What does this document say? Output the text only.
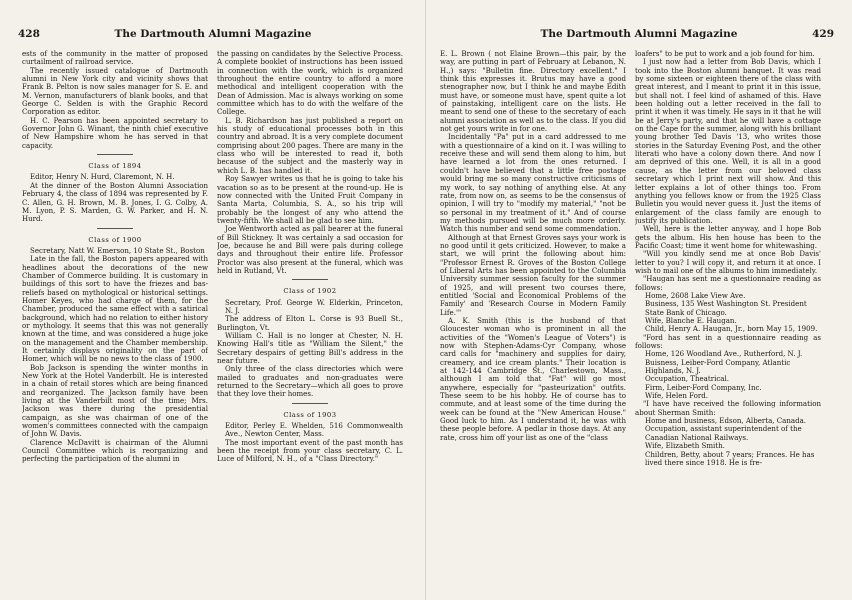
428	The Dartmouth Alumni Magazine

ests of the community in the matter of proposed curtailment of railroad service.

The recently issued catalogue of Dartmouth alumni in New York city and vicinity shows that Frank B. Pelton is now sales manager for S. E. and M. Vernon, manufacturers of blank books, and that George C. Selden is with the Graphic Record Corporation as editor.

H. C. Pearson has been appointed secretary to Governor John G. Winant, the ninth chief executive of New Hampshire whom he has served in that capacity.

Class of 1894

Editor, Henry N. Hurd, Claremont, N. H.

At the dinner of the Boston Alumni Association February 4, the class of 1894 was represented by F. C. Allen, G. H. Brown, M. B. Jones, I. G. Colby, A. M. Lyon, P. S. Marden, G. W. Parker, and H. N. Hurd.

Class of 1900

Secretary, Natt W. Emerson, 10 State St., Boston

Late in the fall, the Boston papers appeared with headlines about the decorations of the new Chamber of Commerce building. It is customary in buildings of this sort to have the friezes and bas-reliefs based on mythological or historical settings. Homer Keyes, who had charge of them, for the Chamber, produced the same effect with a satirical background, which had no relation to either history or mythology. It seems that this was not generally known at the time, and was considered a huge joke on the management and the Chamber membership. It certainly displays originality on the part of Homer, which will be no news to the class of 1900.

Bob Jackson is spending the winter months in New York at the Hotel Vanderbilt. He is interested in a chain of retail stores which are being financed and reorganized. The Jackson family have been living at the Vanderbilt most of the time; Mrs. Jackson was there during the presidential campaign, as she was chairman of one of the women's committees connected with the campaign of John W. Davis.

Clarence McDavitt is chairman of the Alumni Council Committee which is reorganizing and perfecting the participation of the alumni in

the passing on candidates by the Selective Process. A complete booklet of instructions has been issued in connection with the work, which is organized throughout the entire country to afford a more methodical and intelligent cooperation with the Dean of Admission. Mac is always working on some committee which has to do with the welfare of the College.

L. B. Richardson has just published a report on his study of educational processes both in this country and abroad. It is a very complete document comprising about 200 pages. There are many in the class who will be interested to read it, both because of the subject and the masterly way in which L. B. has handled it.

Roy Sawyer writes us that he is going to take his vacation so as to be present at the round-up. He is now connected with the United Fruit Company in Santa Marta, Columbia, S. A., so his trip will probably be the longest of any who attend the twenty-fifth. We shall all be glad to see him.

Joe Wentworth acted as pall bearer at the funeral of Bill Stickney. It was certainly a sad occasion for Joe, because he and Bill were pals during college days and throughout their entire life. Professor Proctor was also present at the funeral, which was held in Rutland, Vt.

Class of 1902

Secretary, Prof. George W. Elderkin, Princeton, N. J.

The address of Elton L. Corse is 93 Buell St., Burlington, Vt.

William C. Hall is no longer at Chester, N. H. Knowing Hall's title as "William the Silent," the Secretary despairs of getting Bill's address in the near future.

Only three of the class directories which were mailed to graduates and non-graduates were returned to the Secretary—which all goes to prove that they love their homes.

Class of 1903

Editor, Perley E. Whelden, 516 Commonwealth Ave., Newton Center, Mass.

The most important event of the past month has been the receipt from your class secretary, C. L. Luce of Milford, N. H., of a "Class Directory."

The Dartmouth Alumni Magazine	429

E. L. Brown ( not Elaine Brown—this pair, by the way, are putting in part of February at Lebanon, N. H.,) says: "Bulletin fine. Directory excellent." I think this expresses it. Brutus may have a good stenographer now, but I think he and maybe Edith must have, or someone must have, spent quite a lot of painstaking, intelligent care on the lists. He meant to send one of these to the secretary of each alumni association as well as to the class. If you did not get yours write in for one.

Incidentally "Pa" put in a card addressed to me with a questionnaire of a kind on it. I was willing to receive these and will send them along to him, but have learned a lot from the ones returned. I couldn't have believed that a little free postage would bring me so many constructive criticisms of my work, to say nothing of anything else. At any rate, from now on, as seems to be the consensus of opinion, I will try to "modify my material," "not be so personal in my treatment of it." And of course my methods pursued will be much more orderly. Watch this number and send some commendation.

Although at that Ernest Groves says your work is no good until it gets criticized. However, to make a start, we will print the following about him: "Professor Ernest R. Groves of the Boston College of Liberal Arts has been appointed to the Columbia University summer session faculty for the summer of 1925, and will present two courses there, entitled 'Social and Economical Problems of the Family' and 'Research Course in Modern Family Life.'"

A. K. Smith (this is the husband of that Gloucester woman who is prominent in all the activities of the "Women's League of Voters") is now with Stephen-Adams-Cyr Company, whose card calls for "machinery and supplies for dairy, creamery, and ice cream plants." Their location is at 142-144 Cambridge St., Charlestown, Mass., although I am told that "Fat" will go most anywhere, especially for "pasteurization" outfits. These seem to be his hobby. He of course has to commute, and at least some of the time during the week can be found at the "New American House." Good luck to him. As I understand it, he was with these people before. A pedlar in those days. At any rate, cross him off your list as one of the "class

loafers" to be put to work and a job found for him.

I just now had a letter from Bob Davis, which I took into the Boston alumni banquet. It was read by some sixteen or eighteen there of the class with great interest, and I meant to print it in this issue, but shall not. I feel kind of ashamed of this. Have been holding out a letter received in the fall to print it when it was timely. He says in it that he will be at Jerry's party, and that he will have a cottage on the Cape for the summer, along with his brilliant young brother Ted Davis '13, who writes those stories in the Saturday Evening Post, and the other literati who have a colony down there. And now I am deprived of this one. Well, it is all in a good cause, as the letter from our beloved class secretary which I print next will show. And this letter explains a lot of other things too. From anything you fellows know or from the 1925 Class Bulletin you would never guess it. Just the items of enlargement of the class family are enough to justify its publication.

Well, here is the letter anyway, and I hope Bob gets the album. His hen house has been to the Pacific Coast; time it went home for whitewashing.

"Will you kindly send me at once Bob Davis' letter to you? I will copy it, and return it at once. I wish to mail one of the albums to him immediately.

"Haugan has sent me a questionnaire reading as follows:

Home, 2608 Lake View Ave.

Business, 135 West Washington St. President State Bank of Chicago.

Wife, Blanche E. Haugan.

Child, Henry A. Haugan, Jr., born May 15, 1909.

"Ford has sent in a questionnaire reading as follows:

Home, 126 Woodland Ave., Rutherford, N. J.

Buisness, Leiber-Ford Company, Atlantic Highlands, N. J.

Occupation, Theatrical.

Firm, Leiber-Ford Company, Inc.

Wife, Helen Ford.

"I have have received the following information about Sherman Smith:

Home and business, Edson, Alberta, Canada.

Occupation, assistant superintendent of the Canadian National Railways.

Wife, Elizabeth Smith.

Children, Betty, about 7 years; Frances. He has lived there since 1918. He is fre-
